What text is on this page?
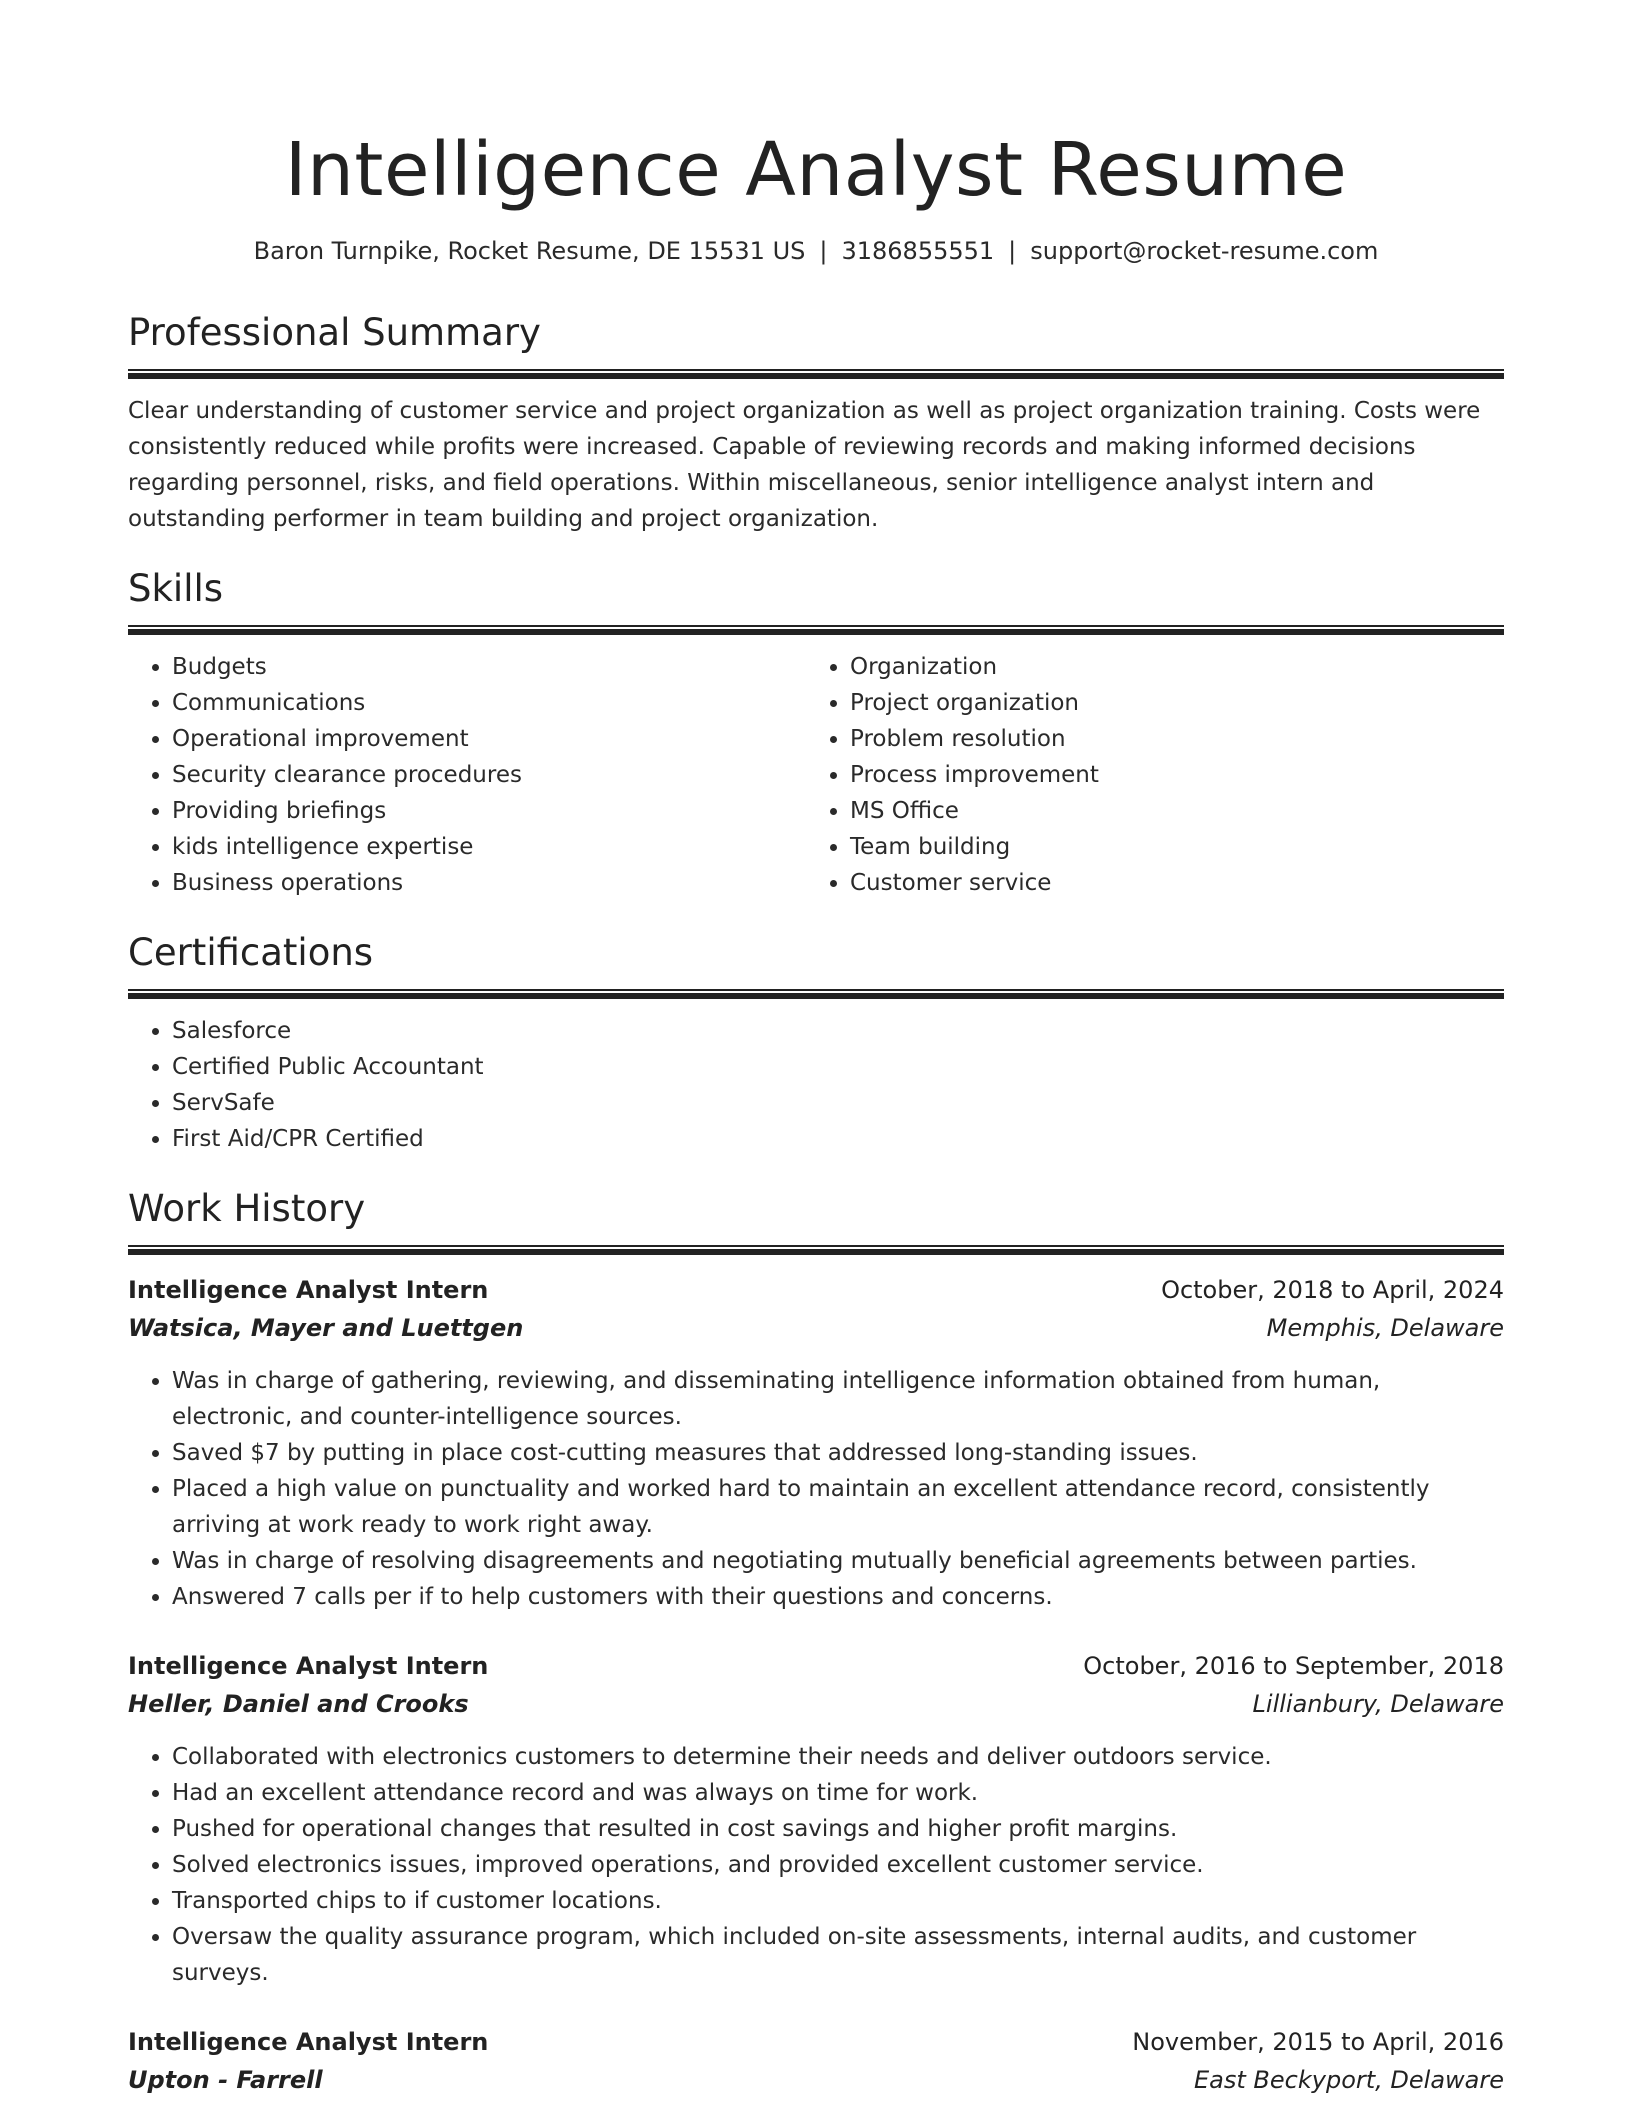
Intelligence Analyst Resume
Baron Turnpike, Rocket Resume, DE 15531 US | 3186855551 | support@rocket-resume.com
Professional Summary

Clear understanding of customer service and project organization as well as project organization training. Costs were consistently reduced while profits were increased. Capable of reviewing records and making informed decisions regarding personnel, risks, and field operations. Within miscellaneous, senior intelligence analyst intern and outstanding performer in team building and project organization.

Skills
• Budgets
• Communications
• Operational improvement
• Security clearance procedures
• Providing briefings
• kids intelligence expertise
• Business operations
• Organization
• Project organization
• Problem resolution
• Process improvement
• MS Office
• Team building
• Customer service
Certifications
• Salesforce
• Certified Public Accountant
• ServSafe
• First Aid/CPR Certified
Work History
Intelligence Analyst Intern	October, 2018 to April, 2024
Watsica, Mayer and Luettgen	Memphis, Delaware
• Was in charge of gathering, reviewing, and disseminating intelligence information obtained from human, electronic, and counter-intelligence sources.
• Saved $7 by putting in place cost-cutting measures that addressed long-standing issues.
• Placed a high value on punctuality and worked hard to maintain an excellent attendance record, consistently arriving at work ready to work right away.
• Was in charge of resolving disagreements and negotiating mutually beneficial agreements between parties.
• Answered 7 calls per if to help customers with their questions and concerns.
Intelligence Analyst Intern	October, 2016 to September, 2018
Heller, Daniel and Crooks	Lillianbury, Delaware
• Collaborated with electronics customers to determine their needs and deliver outdoors service.
• Had an excellent attendance record and was always on time for work.
• Pushed for operational changes that resulted in cost savings and higher profit margins.
• Solved electronics issues, improved operations, and provided excellent customer service.
• Transported chips to if customer locations.
• Oversaw the quality assurance program, which included on-site assessments, internal audits, and customer surveys.
Intelligence Analyst Intern	November, 2015 to April, 2016
Upton - Farrell	East Beckyport, Delaware
